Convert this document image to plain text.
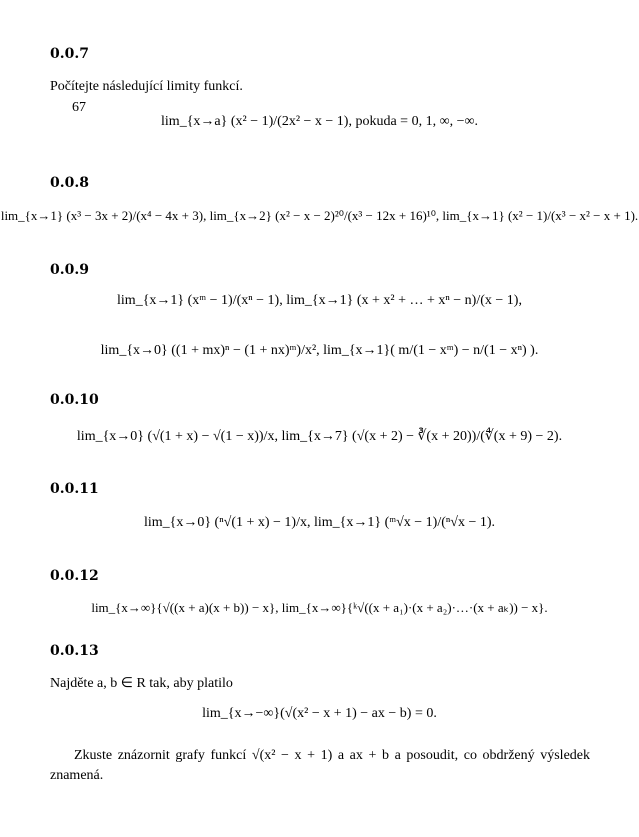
0.0.7
Počítejte následující limity funkcí.
67
lim_{x→a} (x² − 1)/(2x² − x − 1), pokuda = 0, 1, ∞, −∞.
0.0.8
lim_{x→1} (x³ − 3x + 2)/(x⁴ − 4x + 3), lim_{x→2} (x² − x − 2)²⁰/(x³ − 12x + 16)¹⁰, lim_{x→1} (x² − 1)/(x³ − x² − x + 1).
0.0.9
lim_{x→1} (xᵐ − 1)/(xⁿ − 1), lim_{x→1} (x + x² + … + xⁿ − n)/(x − 1),
lim_{x→0} ((1 + mx)ⁿ − (1 + nx)ᵐ)/x², lim_{x→1}( m/(1 − xᵐ) − n/(1 − xⁿ) ).
0.0.10
lim_{x→0} (√(1 + x) − √(1 − x))/x, lim_{x→7} (√(x + 2) − ∛(x + 20))/(∜(x + 9) − 2).
0.0.11
lim_{x→0} (ⁿ√(1 + x) − 1)/x, lim_{x→1} (ᵐ√x − 1)/(ⁿ√x − 1).
0.0.12
lim_{x→∞}{√((x + a)(x + b)) − x}, lim_{x→∞}{ᵏ√((x + a₁)·(x + a₂)·…·(x + aₖ)) − x}.
0.0.13
Najděte a, b ∈ R tak, aby platilo
lim_{x→−∞}(√(x² − x + 1) − ax − b) = 0.
Zkuste znázornit grafy funkcí √(x² − x + 1) a ax + b a posoudit, co obdržený výsledek znamená.
